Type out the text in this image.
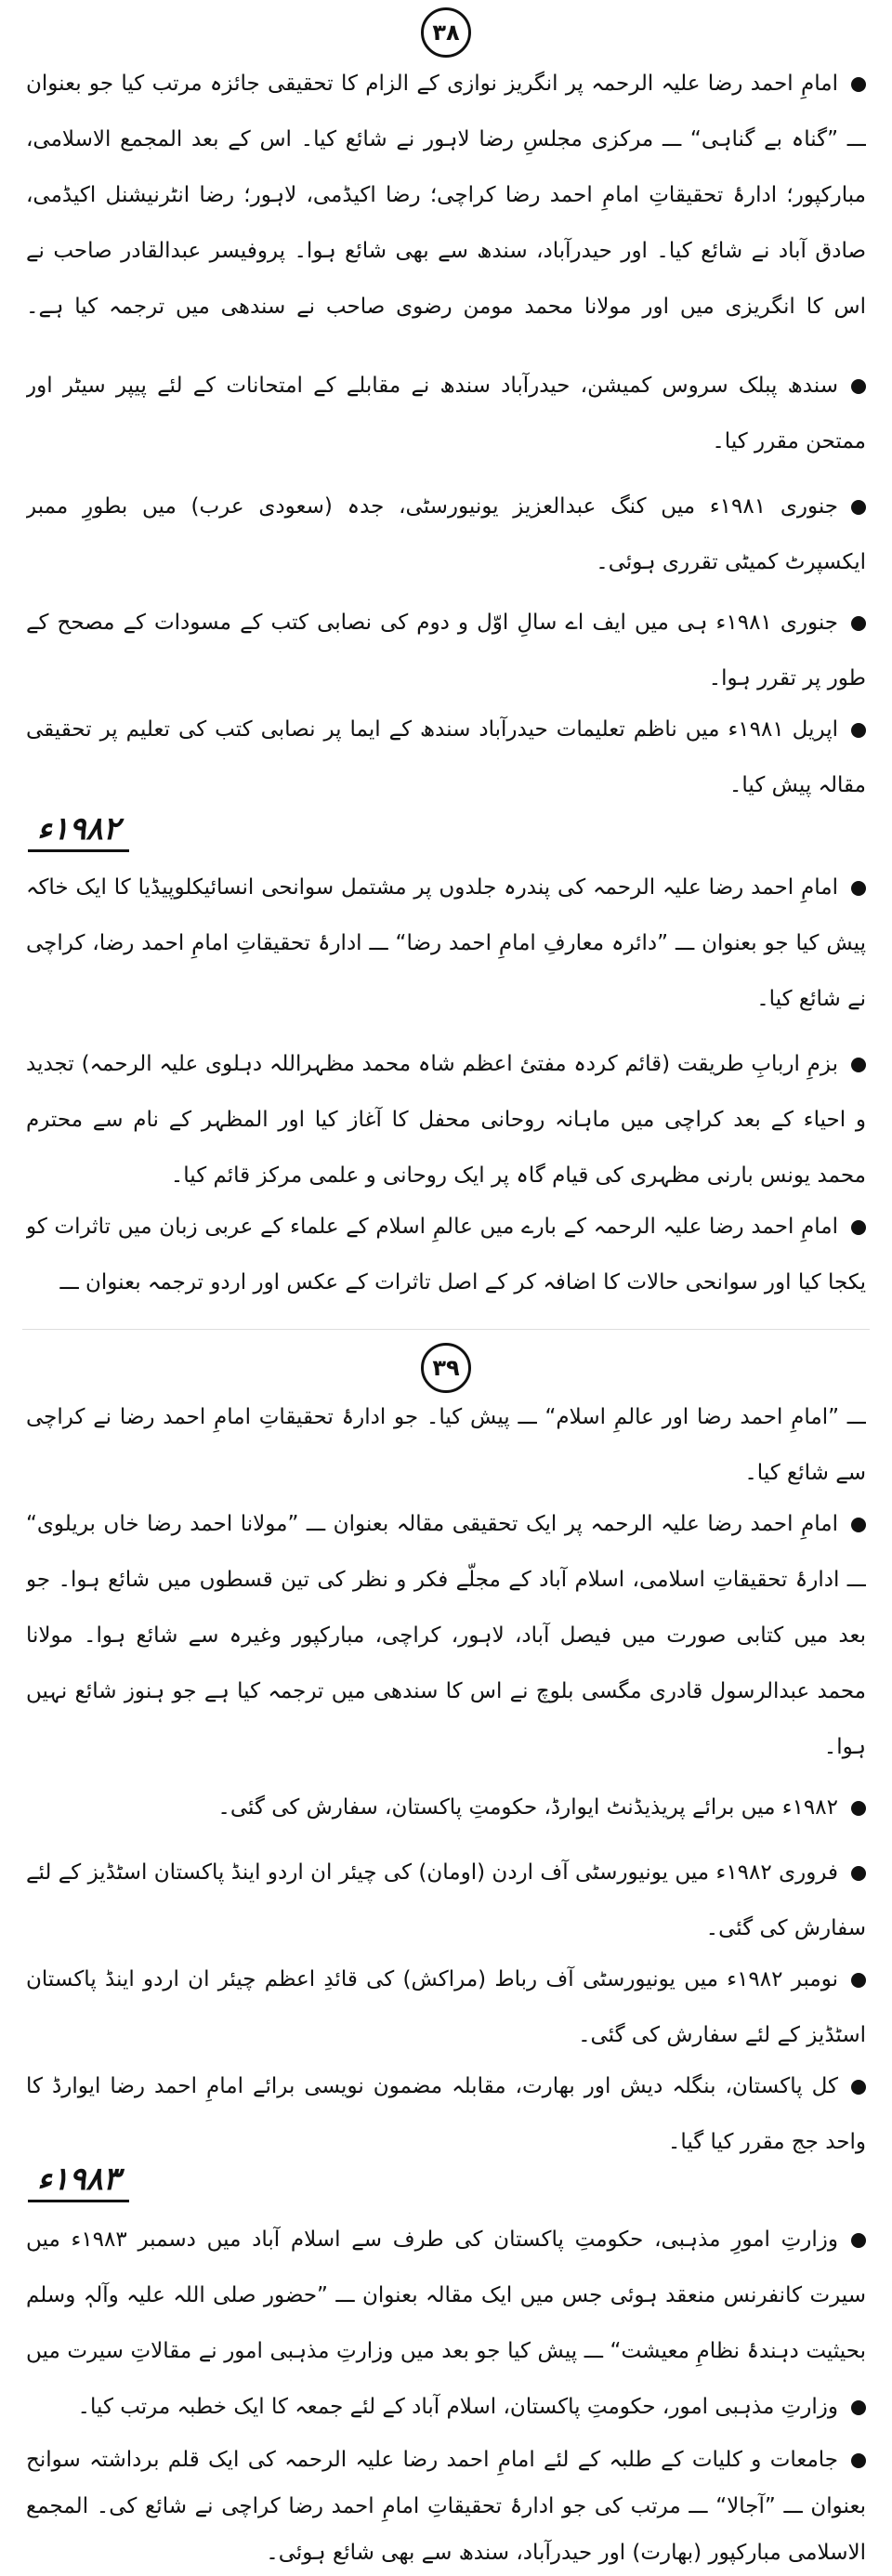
٣٨
امامِ احمد رضا علیہ الرحمہ پر انگریز نوازی کے الزام کا تحقیقی جائزہ مرتب کیا جو بعنوان ـــ ”گناہ بے گناہی“ ـــ مرکزی مجلسِ رضا لاہور نے شائع کیا۔ اس کے بعد المجمع الاسلامی، مبارکپور؛ ادارۂ تحقیقاتِ امامِ احمد رضا کراچی؛ رضا اکیڈمی، لاہور؛ رضا انٹرنیشنل اکیڈمی، صادق آباد نے شائع کیا۔ اور حیدرآباد، سندھ سے بھی شائع ہوا۔ پروفیسر عبدالقادر صاحب نے اس کا انگریزی میں اور مولانا محمد مومن رضوی صاحب نے سندھی میں ترجمہ کیا ہے۔
سندھ پبلک سروس کمیشن، حیدرآباد سندھ نے مقابلے کے امتحانات کے لئے پیپر سیٹر اور ممتحن مقرر کیا۔
جنوری ١٩٨١ء میں کنگ عبدالعزیز یونیورسٹی، جدہ (سعودی عرب) میں بطورِ ممبر ایکسپرٹ کمیٹی تقرری ہوئی۔
جنوری ١٩٨١ء ہی میں ایف اے سالِ اوّل و دوم کی نصابی کتب کے مسودات کے مصحح کے طور پر تقرر ہوا۔
اپریل ١٩٨١ء میں ناظم تعلیمات حیدرآباد سندھ کے ایما پر نصابی کتب کی تعلیم پر تحقیقی مقالہ پیش کیا۔
١٩٨٢ء
امامِ احمد رضا علیہ الرحمہ کی پندرہ جلدوں پر مشتمل سوانحی انسائیکلوپیڈیا کا ایک خاکہ پیش کیا جو بعنوان ـــ ”دائرہ معارفِ امامِ احمد رضا“ ـــ ادارۂ تحقیقاتِ امامِ احمد رضا، کراچی نے شائع کیا۔
بزمِ اربابِ طریقت (قائم کردہ مفتیٔ اعظم شاہ محمد مظہراللہ دہلوی علیہ الرحمہ) تجدید و احیاء کے بعد کراچی میں ماہانہ روحانی محفل کا آغاز کیا اور المظہر کے نام سے محترم محمد یونس بارنی مظہری کی قیام گاہ پر ایک روحانی و علمی مرکز قائم کیا۔
امامِ احمد رضا علیہ الرحمہ کے بارے میں عالمِ اسلام کے علماء کے عربی زبان میں تاثرات کو یکجا کیا اور سوانحی حالات کا اضافہ کر کے اصل تاثرات کے عکس اور اردو ترجمہ بعنوان ـــ
٣٩
ـــ ”امامِ احمد رضا اور عالمِ اسلام“ ـــ پیش کیا۔ جو ادارۂ تحقیقاتِ امامِ احمد رضا نے کراچی سے شائع کیا۔
امامِ احمد رضا علیہ الرحمہ پر ایک تحقیقی مقالہ بعنوان ـــ ”مولانا احمد رضا خاں بریلوی“ ـــ ادارۂ تحقیقاتِ اسلامی، اسلام آباد کے مجلّے فکر و نظر کی تین قسطوں میں شائع ہوا۔ جو بعد میں کتابی صورت میں فیصل آباد، لاہور، کراچی، مبارکپور وغیرہ سے شائع ہوا۔ مولانا محمد عبدالرسول قادری مگسی بلوچ نے اس کا سندھی میں ترجمہ کیا ہے جو ہنوز شائع نہیں ہوا۔
١٩٨٢ء میں برائے پریذیڈنٹ ایوارڈ، حکومتِ پاکستان، سفارش کی گئی۔
فروری ١٩٨٢ء میں یونیورسٹی آف اردن (اومان) کی چیئر ان اردو اینڈ پاکستان اسٹڈیز کے لئے سفارش کی گئی۔
نومبر ١٩٨٢ء میں یونیورسٹی آف رباط (مراکش) کی قائدِ اعظم چیئر ان اردو اینڈ پاکستان اسٹڈیز کے لئے سفارش کی گئی۔
کل پاکستان، بنگلہ دیش اور بھارت، مقابلہ مضمون نویسی برائے امامِ احمد رضا ایوارڈ کا واحد جج مقرر کیا گیا۔
١٩٨٣ء
وزارتِ امورِ مذہبی، حکومتِ پاکستان کی طرف سے اسلام آباد میں دسمبر ١٩٨٣ء میں سیرت کانفرنس منعقد ہوئی جس میں ایک مقالہ بعنوان ـــ ”حضور صلی اللہ علیہ وآلہٖ وسلم بحیثیت دہندۂ نظامِ معیشت“ ـــ پیش کیا جو بعد میں وزارتِ مذہبی امور نے مقالاتِ سیرت میں
وزارتِ مذہبی امور، حکومتِ پاکستان، اسلام آباد کے لئے جمعہ کا ایک خطبہ مرتب کیا۔
جامعات و کلیات کے طلبہ کے لئے امامِ احمد رضا علیہ الرحمہ کی ایک قلم برداشتہ سوانح بعنوان ـــ ”آجالا“ ـــ مرتب کی جو ادارۂ تحقیقاتِ امامِ احمد رضا کراچی نے شائع کی۔ المجمع الاسلامی مبارکپور (بھارت) اور حیدرآباد، سندھ سے بھی شائع ہوئی۔
